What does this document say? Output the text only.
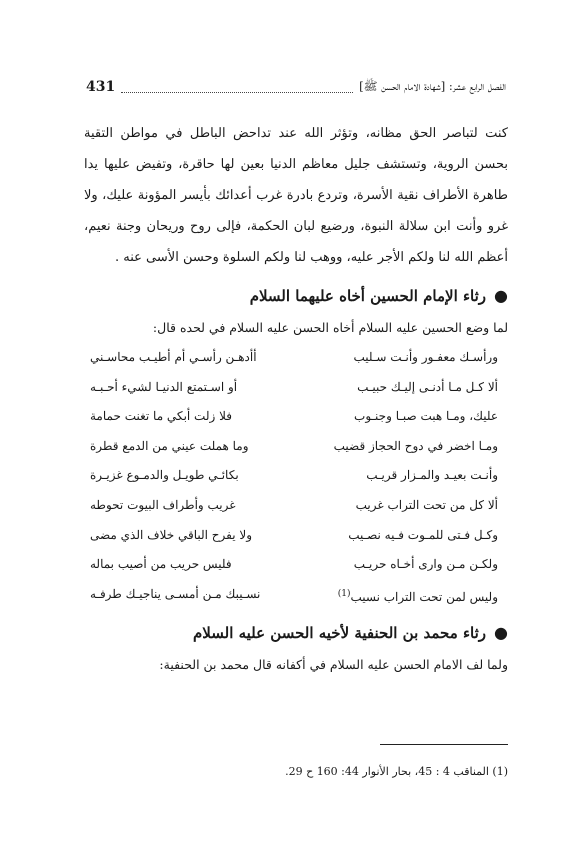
الفصل الرابع عشر: [شهادة الامام الحسن ﷺ]
431

كنت لتباصر الحق مظانه، وتؤثر الله عند تداحض الباطل في مواطن التقية بحسن الروية، وتستشف جليل معاظم الدنيا بعين لها حاقرة، وتفيض عليها يدا طاهرة الأطراف نقية الأسرة، وتردع بادرة غرب أعدائك بأيسر المؤونة عليك، ولا غرو وأنت ابن سلالة النبوة، ورضيع لبان الحكمة، فإلى روح وريحان وجنة نعيم، أعظم الله لنا ولكم الأجر عليه، ووهب لنا ولكم السلوة وحسن الأسى عنه .

●
رثاء الإمام الحسين أخاه عليهما السلام

لما وضع الحسين عليه السلام أخاه الحسن عليه السلام في لحده قال:

ورأسـك معفـور وأنـت سـليب
أأدهـن رأسـي أم أطيـب محاسـني
ألا كـل مـا أدنـى إليـك حبيـب
أو اسـتمتع الدنيـا لشيء أحـبـه
عليك، ومـا هبت صبـا وجنـوب
فلا زلت أبكي ما تغنت حمامة
ومـا اخضر في دوح الحجاز قضيب
وما هملت عيني من الدمع قطرة
وأنـت بعيـد والمـزار قريـب
بكائـي طويـل والدمـوع غزيـرة
ألا كل من تحت التراب غريب
غريب وأطراف البيوت تحوطه
وكـل فـتى للمـوت فـيه نصـيب
ولا يفرح الباقي خلاف الذي مضى
ولكـن مـن وارى أخـاه حريـب
فليس حريب من أصيب بماله
وليس لمن تحت التراب نسيب$^{(1)}$
نسـيبك مـن أمسـى يناجيـك طرفـه
●
رثاء محمد بن الحنفية لأخيه الحسن عليه السلام

ولما لف الامام الحسن عليه السلام في أكفانه قال محمد بن الحنفية:

(1) المناقب 4 : 45، بحار الأنوار 44: 160 ح 29.
